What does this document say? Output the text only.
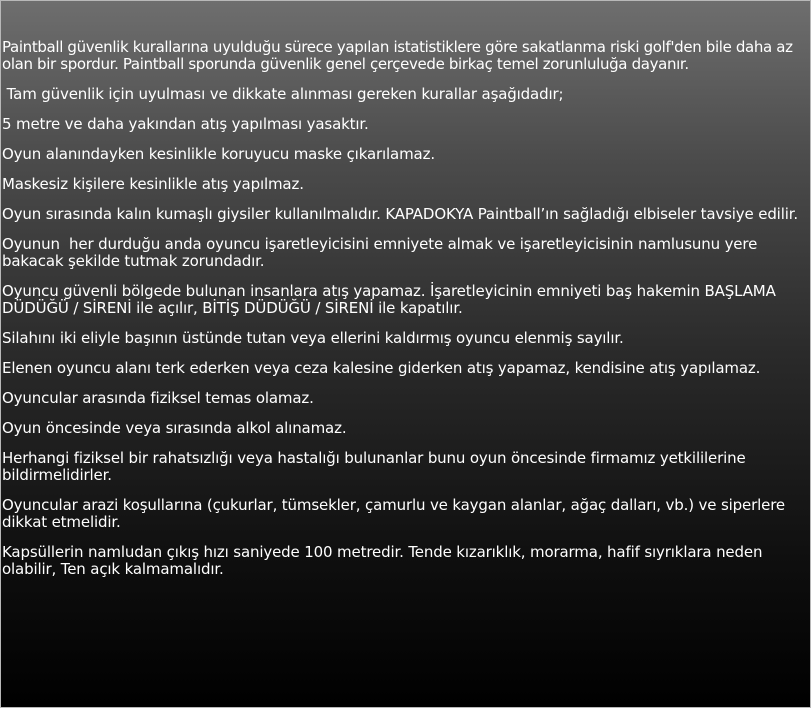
Paintball güvenlik kurallarına uyulduğu sürece yapılan istatistiklere göre sakatlanma riski golf'den bile daha az olan bir spordur. Paintball sporunda güvenlik genel çerçevede birkaç temel zorunluluğa dayanır.

Tam güvenlik için uyulması ve dikkate alınması gereken kurallar aşağıdadır;

5 metre ve daha yakından atış yapılması yasaktır.

Oyun alanındayken kesinlikle koruyucu maske çıkarılamaz.

Maskesiz kişilere kesinlikle atış yapılmaz.

Oyun sırasında kalın kumaşlı giysiler kullanılmalıdır. KAPADOKYA Paintball’ın sağladığı elbiseler tavsiye edilir.

Oyunun  her durduğu anda oyuncu işaretleyicisini emniyete almak ve işaretleyicisinin namlusunu yere bakacak şekilde tutmak zorundadır.

Oyuncu güvenli bölgede bulunan insanlara atış yapamaz. İşaretleyicinin emniyeti baş hakemin BAŞLAMA DÜDÜĞÜ / SİRENİ ile açılır, BİTİŞ DÜDÜĞÜ / SİRENİ ile kapatılır.

Silahını iki eliyle başının üstünde tutan veya ellerini kaldırmış oyuncu elenmiş sayılır.

Elenen oyuncu alanı terk ederken veya ceza kalesine giderken atış yapamaz, kendisine atış yapılamaz.

Oyuncular arasında fiziksel temas olamaz.

Oyun öncesinde veya sırasında alkol alınamaz.

Herhangi fiziksel bir rahatsızlığı veya hastalığı bulunanlar bunu oyun öncesinde firmamız yetkililerine bildirmelidirler.

Oyuncular arazi koşullarına (çukurlar, tümsekler, çamurlu ve kaygan alanlar, ağaç dalları, vb.) ve siperlere dikkat etmelidir.

Kapsüllerin namludan çıkış hızı saniyede 100 metredir. Tende kızarıklık, morarma, hafif sıyrıklara neden olabilir, Ten açık kalmamalıdır.
